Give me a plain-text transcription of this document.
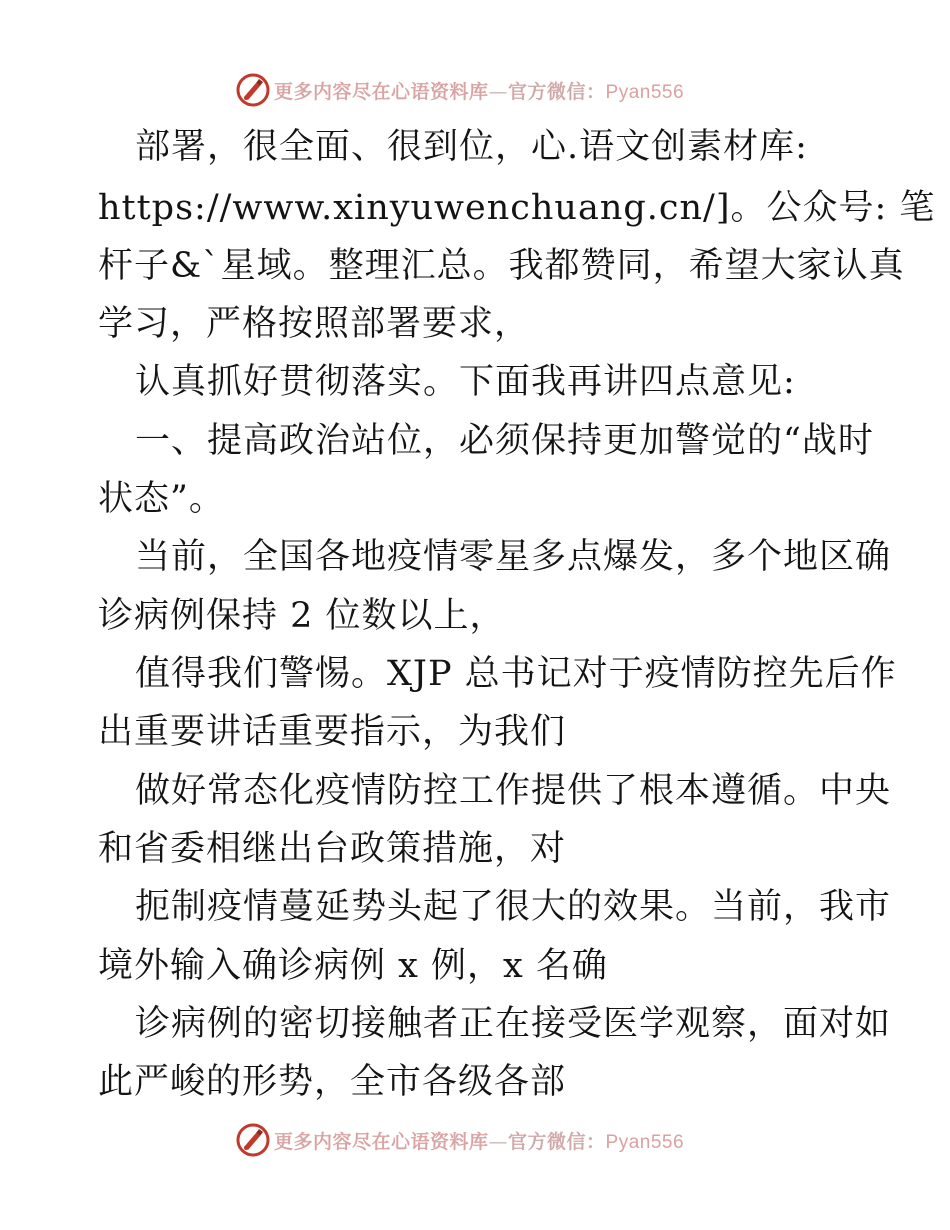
更多内容尽在心语资料库—官方微信：Pyan556
部署，很全面、很到位，心.语文创素材库:
https://www.xinyuwenchuang.cn/]。公众号: 笔
杆子&`星域。整理汇总。我都赞同，希望大家认真
学习，严格按照部署要求，
认真抓好贯彻落实。下面我再讲四点意见:
一、提高政治站位，必须保持更加警觉的“战时
状态”。
当前，全国各地疫情零星多点爆发，多个地区确
诊病例保持 2 位数以上，
值得我们警惕。XJP 总书记对于疫情防控先后作
出重要讲话重要指示，为我们
做好常态化疫情防控工作提供了根本遵循。中央
和省委相继出台政策措施，对
扼制疫情蔓延势头起了很大的效果。当前，我市
境外输入确诊病例 x 例，x 名确
诊病例的密切接触者正在接受医学观察，面对如
此严峻的形势，全市各级各部
更多内容尽在心语资料库—官方微信：Pyan556
